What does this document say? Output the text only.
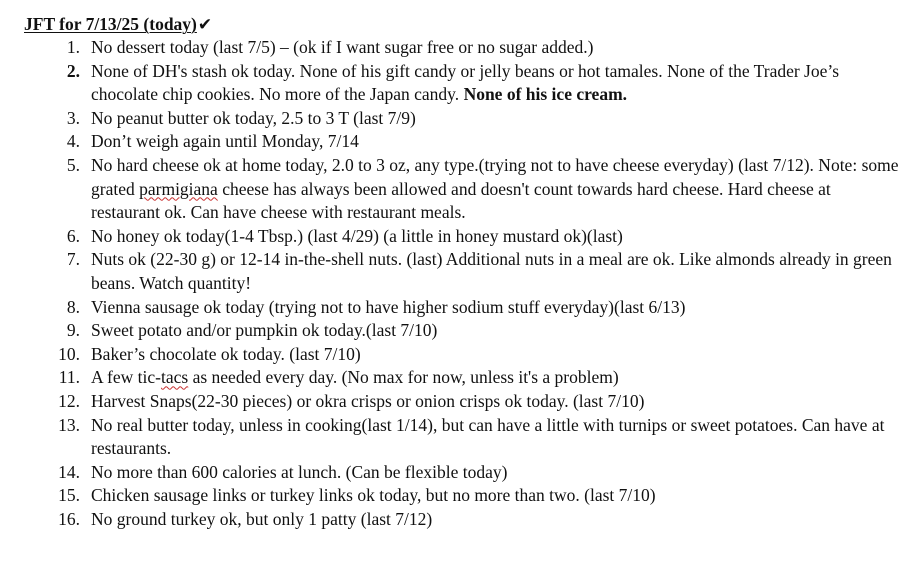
JFT for 7/13/25 (today)✔
1. No dessert today (last 7/5) – (ok if I want sugar free or no sugar added.)
2. None of DH's stash ok today. None of his gift candy or jelly beans or hot tamales. None of the Trader Joe’s chocolate chip cookies. No more of the Japan candy. None of his ice cream.
3. No peanut butter ok today, 2.5 to 3 T (last 7/9)
4. Don’t weigh again until Monday, 7/14
5. No hard cheese ok at home today, 2.0 to 3 oz, any type.(trying not to have cheese everyday) (last 7/12). Note: some grated parmigiana cheese has always been allowed and doesn't count towards hard cheese. Hard cheese at restaurant ok. Can have cheese with restaurant meals.
6. No honey ok today(1-4 Tbsp.) (last 4/29) (a little in honey mustard ok)(last)
7. Nuts ok (22-30 g) or 12-14 in-the-shell nuts. (last) Additional nuts in a meal are ok. Like almonds already in green beans. Watch quantity!
8. Vienna sausage ok today (trying not to have higher sodium stuff everyday)(last 6/13)
9. Sweet potato and/or pumpkin ok today.(last 7/10)
10. Baker’s chocolate ok today. (last 7/10)
11. A few tic-tacs as needed every day. (No max for now, unless it's a problem)
12. Harvest Snaps(22-30 pieces) or okra crisps or onion crisps ok today. (last 7/10)
13. No real butter today, unless in cooking(last 1/14), but can have a little with turnips or sweet potatoes. Can have at restaurants.
14. No more than 600 calories at lunch. (Can be flexible today)
15. Chicken sausage links or turkey links ok today, but no more than two. (last 7/10)
16. No ground turkey ok, but only 1 patty (last 7/12)
